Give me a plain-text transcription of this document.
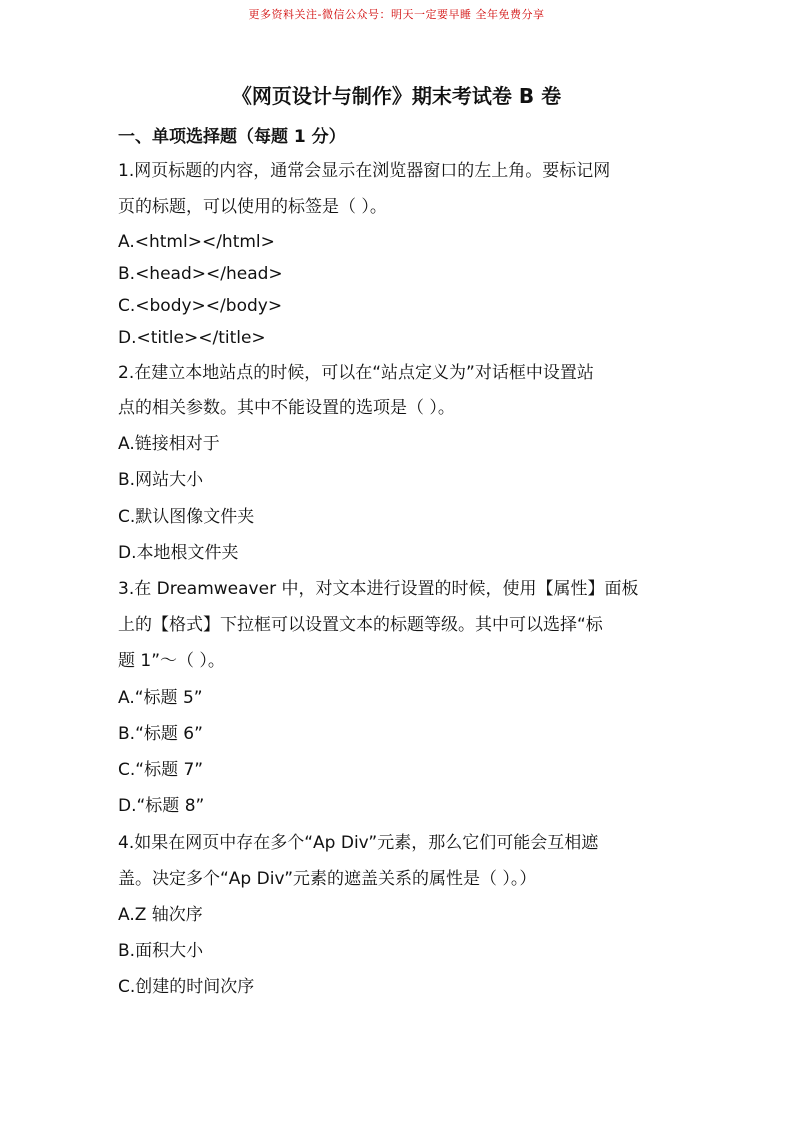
更多资料关注-微信公众号：明天一定要早睡 全年免费分享
《网页设计与制作》期末考试卷 B 卷
一、单项选择题（每题 1 分）
1.网页标题的内容，通常会显示在浏览器窗口的左上角。要标记网
页的标题，可以使用的标签是（ ）。
A.<html></html>
B.<head></head>
C.<body></body>
D.<title></title>
2.在建立本地站点的时候，可以在“站点定义为”对话框中设置站
点的相关参数。其中不能设置的选项是（ ）。
A.链接相对于
B.网站大小
C.默认图像文件夹
D.本地根文件夹
3.在 Dreamweaver 中，对文本进行设置的时候，使用【属性】面板
上的【格式】下拉框可以设置文本的标题等级。其中可以选择“标
题 1”～（ ）。
A.“标题 5”
B.“标题 6”
C.“标题 7”
D.“标题 8”
4.如果在网页中存在多个“Ap Div”元素，那么它们可能会互相遮
盖。决定多个“Ap Div”元素的遮盖关系的属性是（ ）。）
A.Z 轴次序
B.面积大小
C.创建的时间次序
